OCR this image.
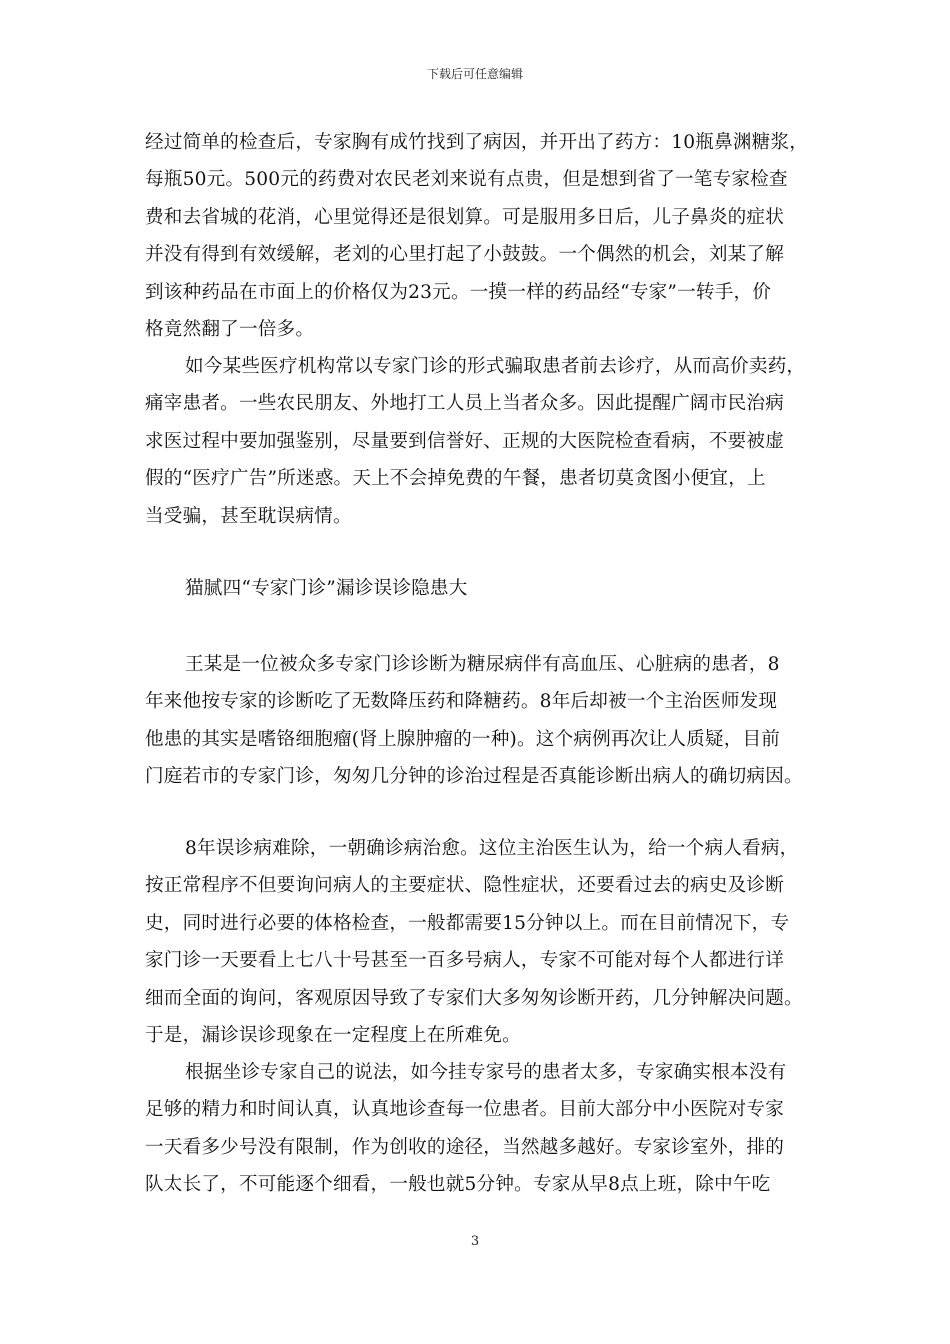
下载后可任意编辑
经过简单的检查后，专家胸有成竹找到了病因，并开出了药方：10瓶鼻渊糖浆，
每瓶50元。500元的药费对农民老刘来说有点贵，但是想到省了一笔专家检查
费和去省城的花消，心里觉得还是很划算。可是服用多日后，儿子鼻炎的症状
并没有得到有效缓解，老刘的心里打起了小鼓鼓。一个偶然的机会，刘某了解
到该种药品在市面上的价格仅为23元。一摸一样的药品经“专家”一转手，价
格竟然翻了一倍多。
如今某些医疗机构常以专家门诊的形式骗取患者前去诊疗，从而高价卖药，
痛宰患者。一些农民朋友、外地打工人员上当者众多。因此提醒广阔市民治病
求医过程中要加强鉴别，尽量要到信誉好、正规的大医院检查看病，不要被虚
假的“医疗广告”所迷惑。天上不会掉免费的午餐，患者切莫贪图小便宜，上
当受骗，甚至耽误病情。
猫腻四“专家门诊”漏诊误诊隐患大
王某是一位被众多专家门诊诊断为糖尿病伴有高血压、心脏病的患者，8
年来他按专家的诊断吃了无数降压药和降糖药。8年后却被一个主治医师发现
他患的其实是嗜铬细胞瘤(肾上腺肿瘤的一种)。这个病例再次让人质疑，目前
门庭若市的专家门诊，匆匆几分钟的诊治过程是否真能诊断出病人的确切病因。
8年误诊病难除，一朝确诊病治愈。这位主治医生认为，给一个病人看病，
按正常程序不但要询问病人的主要症状、隐性症状，还要看过去的病史及诊断
史，同时进行必要的体格检查，一般都需要15分钟以上。而在目前情况下，专
家门诊一天要看上七八十号甚至一百多号病人，专家不可能对每个人都进行详
细而全面的询问，客观原因导致了专家们大多匆匆诊断开药，几分钟解决问题。
于是，漏诊误诊现象在一定程度上在所难免。
根据坐诊专家自己的说法，如今挂专家号的患者太多，专家确实根本没有
足够的精力和时间认真，认真地诊查每一位患者。目前大部分中小医院对专家
一天看多少号没有限制，作为创收的途径，当然越多越好。专家诊室外，排的
队太长了，不可能逐个细看，一般也就5分钟。专家从早8点上班，除中午吃
3
